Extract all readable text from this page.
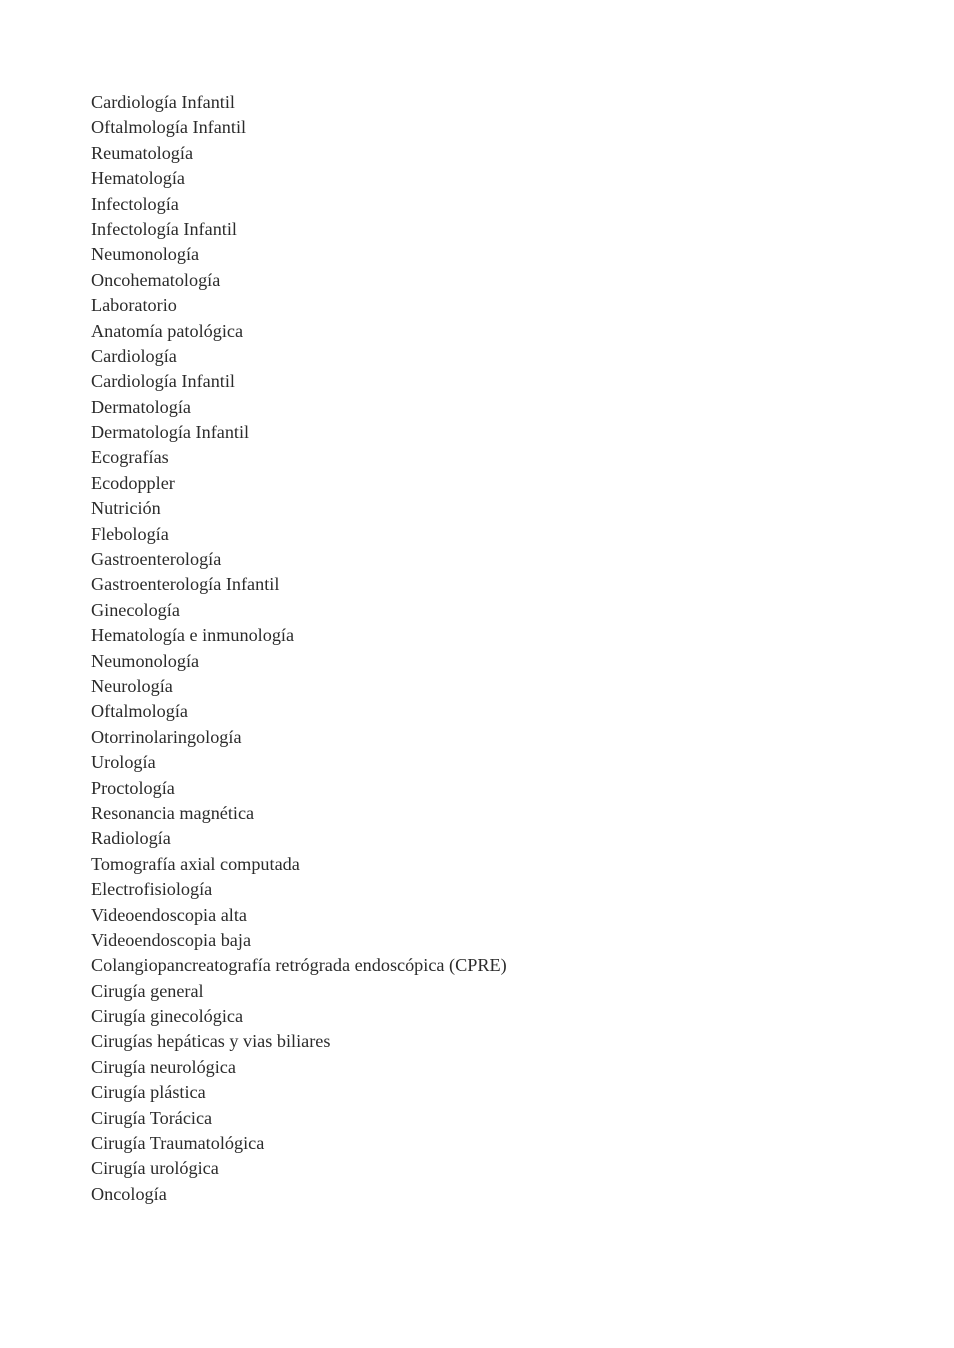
Cardiología Infantil
Oftalmología Infantil
Reumatología
Hematología
Infectología
Infectología Infantil
Neumonología
Oncohematología
Laboratorio
Anatomía patológica
Cardiología
Cardiología Infantil
Dermatología
Dermatología Infantil
Ecografías
Ecodoppler
Nutrición
Flebología
Gastroenterología
Gastroenterología Infantil
Ginecología
Hematología e inmunología
Neumonología
Neurología
Oftalmología
Otorrinolaringología
Urología
Proctología
Resonancia magnética
Radiología
Tomografía axial computada
Electrofisiología
Videoendoscopia alta
Videoendoscopia baja
Colangiopancreatografía retrógrada endoscópica (CPRE)
Cirugía general
Cirugía ginecológica
Cirugías hepáticas y vias biliares
Cirugía neurológica
Cirugía plástica
Cirugía Torácica
Cirugía Traumatológica
Cirugía urológica
Oncología
